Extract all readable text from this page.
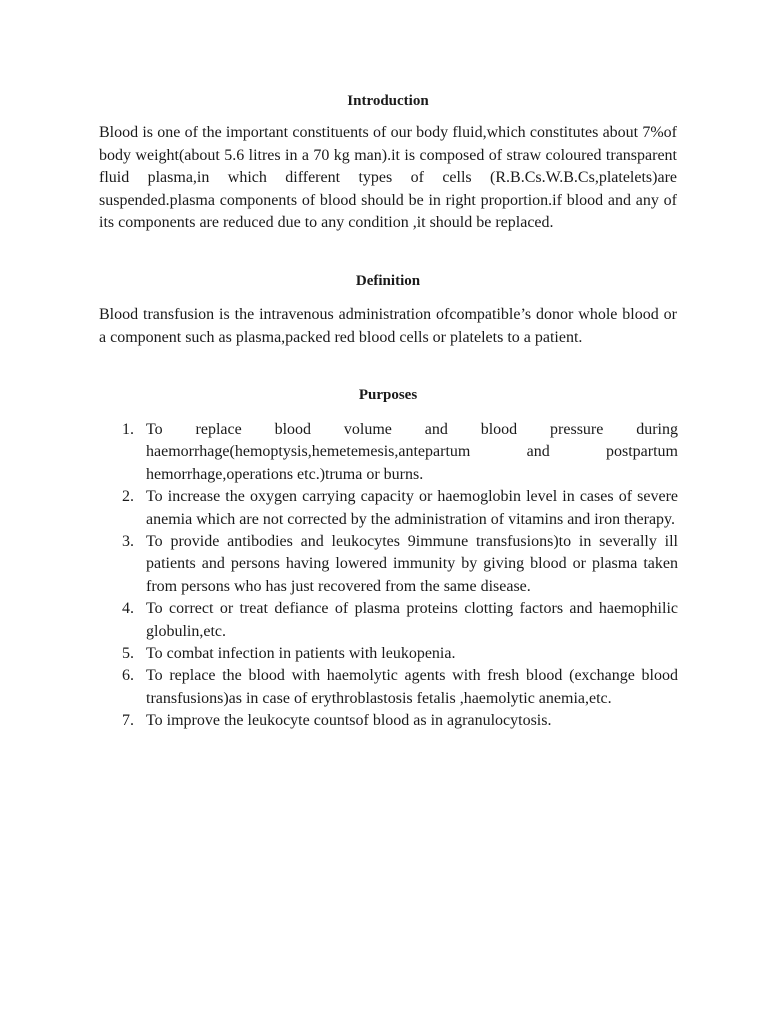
Introduction

Blood is one of the important constituents of our body fluid,which constitutes about 7%of body weight(about 5.6 litres in a 70 kg man).it is composed of straw coloured transparent fluid plasma,in which different types of cells (R.B.Cs.W.B.Cs,platelets)are suspended.plasma components of blood should be in right proportion.if blood and any of its components are reduced due to any condition ,it should be replaced.

Definition

Blood transfusion is the intravenous administration ofcompatible’s donor whole blood or a component such as plasma,packed red blood cells or platelets to a patient.

Purposes
1. To replace blood volume and blood pressure during haemorrhage(hemoptysis,hemetemesis,antepartum and postpartum hemorrhage,operations etc.)truma or burns.
2. To increase the oxygen carrying capacity or haemoglobin level in cases of severe anemia which are not corrected by the administration of vitamins and iron therapy.
3. To provide antibodies and leukocytes 9immune transfusions)to in severally ill patients and persons having lowered immunity by giving blood or plasma taken from persons who has just recovered from the same disease.
4. To correct or treat defiance of plasma proteins clotting factors and haemophilic globulin,etc.
5. To combat infection in patients with leukopenia.
6. To replace the blood with haemolytic agents with fresh blood (exchange blood transfusions)as in case of erythroblastosis fetalis ,haemolytic anemia,etc.
7. To improve the leukocyte countsof blood as in agranulocytosis.
